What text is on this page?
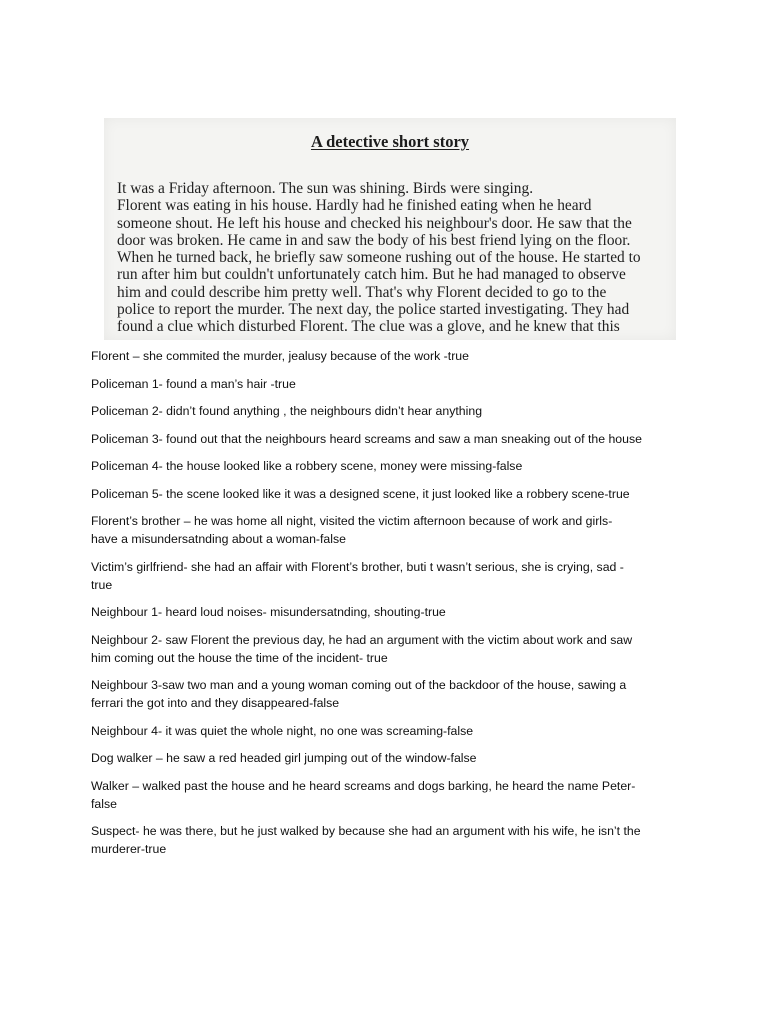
A detective short story
It was a Friday afternoon. The sun was shining. Birds were singing.
Florent was eating in his house. Hardly had he finished eating when he heard
someone shout. He left his house and checked his neighbour's door. He saw that the
door was broken. He came in and saw the body of his best friend lying on the floor.
When he turned back, he briefly saw someone rushing out of the house. He started to
run after him but couldn't unfortunately catch him. But he had managed to observe
him and could describe him pretty well. That's why Florent decided to go to the
police to report the murder. The next day, the police started investigating. They had
found a clue which disturbed Florent. The clue was a glove, and he knew that this
Florent – she commited the murder, jealusy because of the work -true
Policeman 1- found a man’s hair -true
Policeman 2- didn’t found anything , the neighbours didn’t hear anything
Policeman 3- found out that the neighbours heard screams and saw a man sneaking out of the house
Policeman 4- the house looked like a robbery scene, money were missing-false
Policeman 5- the scene looked like it was a designed scene, it just looked like a robbery scene-true
Florent’s brother – he was home all night, visited the victim afternoon because of work and girls-
have a misundersatnding about a woman-false
Victim’s girlfriend- she had an affair with Florent’s brother, buti t wasn’t serious, she is crying, sad -
true
Neighbour 1- heard loud noises- misundersatnding, shouting-true
Neighbour 2- saw Florent the previous day, he had an argument with the victim about work and saw
him coming out the house the time of the incident- true
Neighbour 3-saw two man and a young woman coming out of the backdoor of the house, sawing a
ferrari the got into and they disappeared-false
Neighbour 4- it was quiet the whole night, no one was screaming-false
Dog walker – he saw a red headed girl jumping out of the window-false
Walker – walked past the house and he heard screams and dogs barking, he heard the name Peter-
false
Suspect- he was there, but he just walked by because she had an argument with his wife, he isn’t the
murderer-true
